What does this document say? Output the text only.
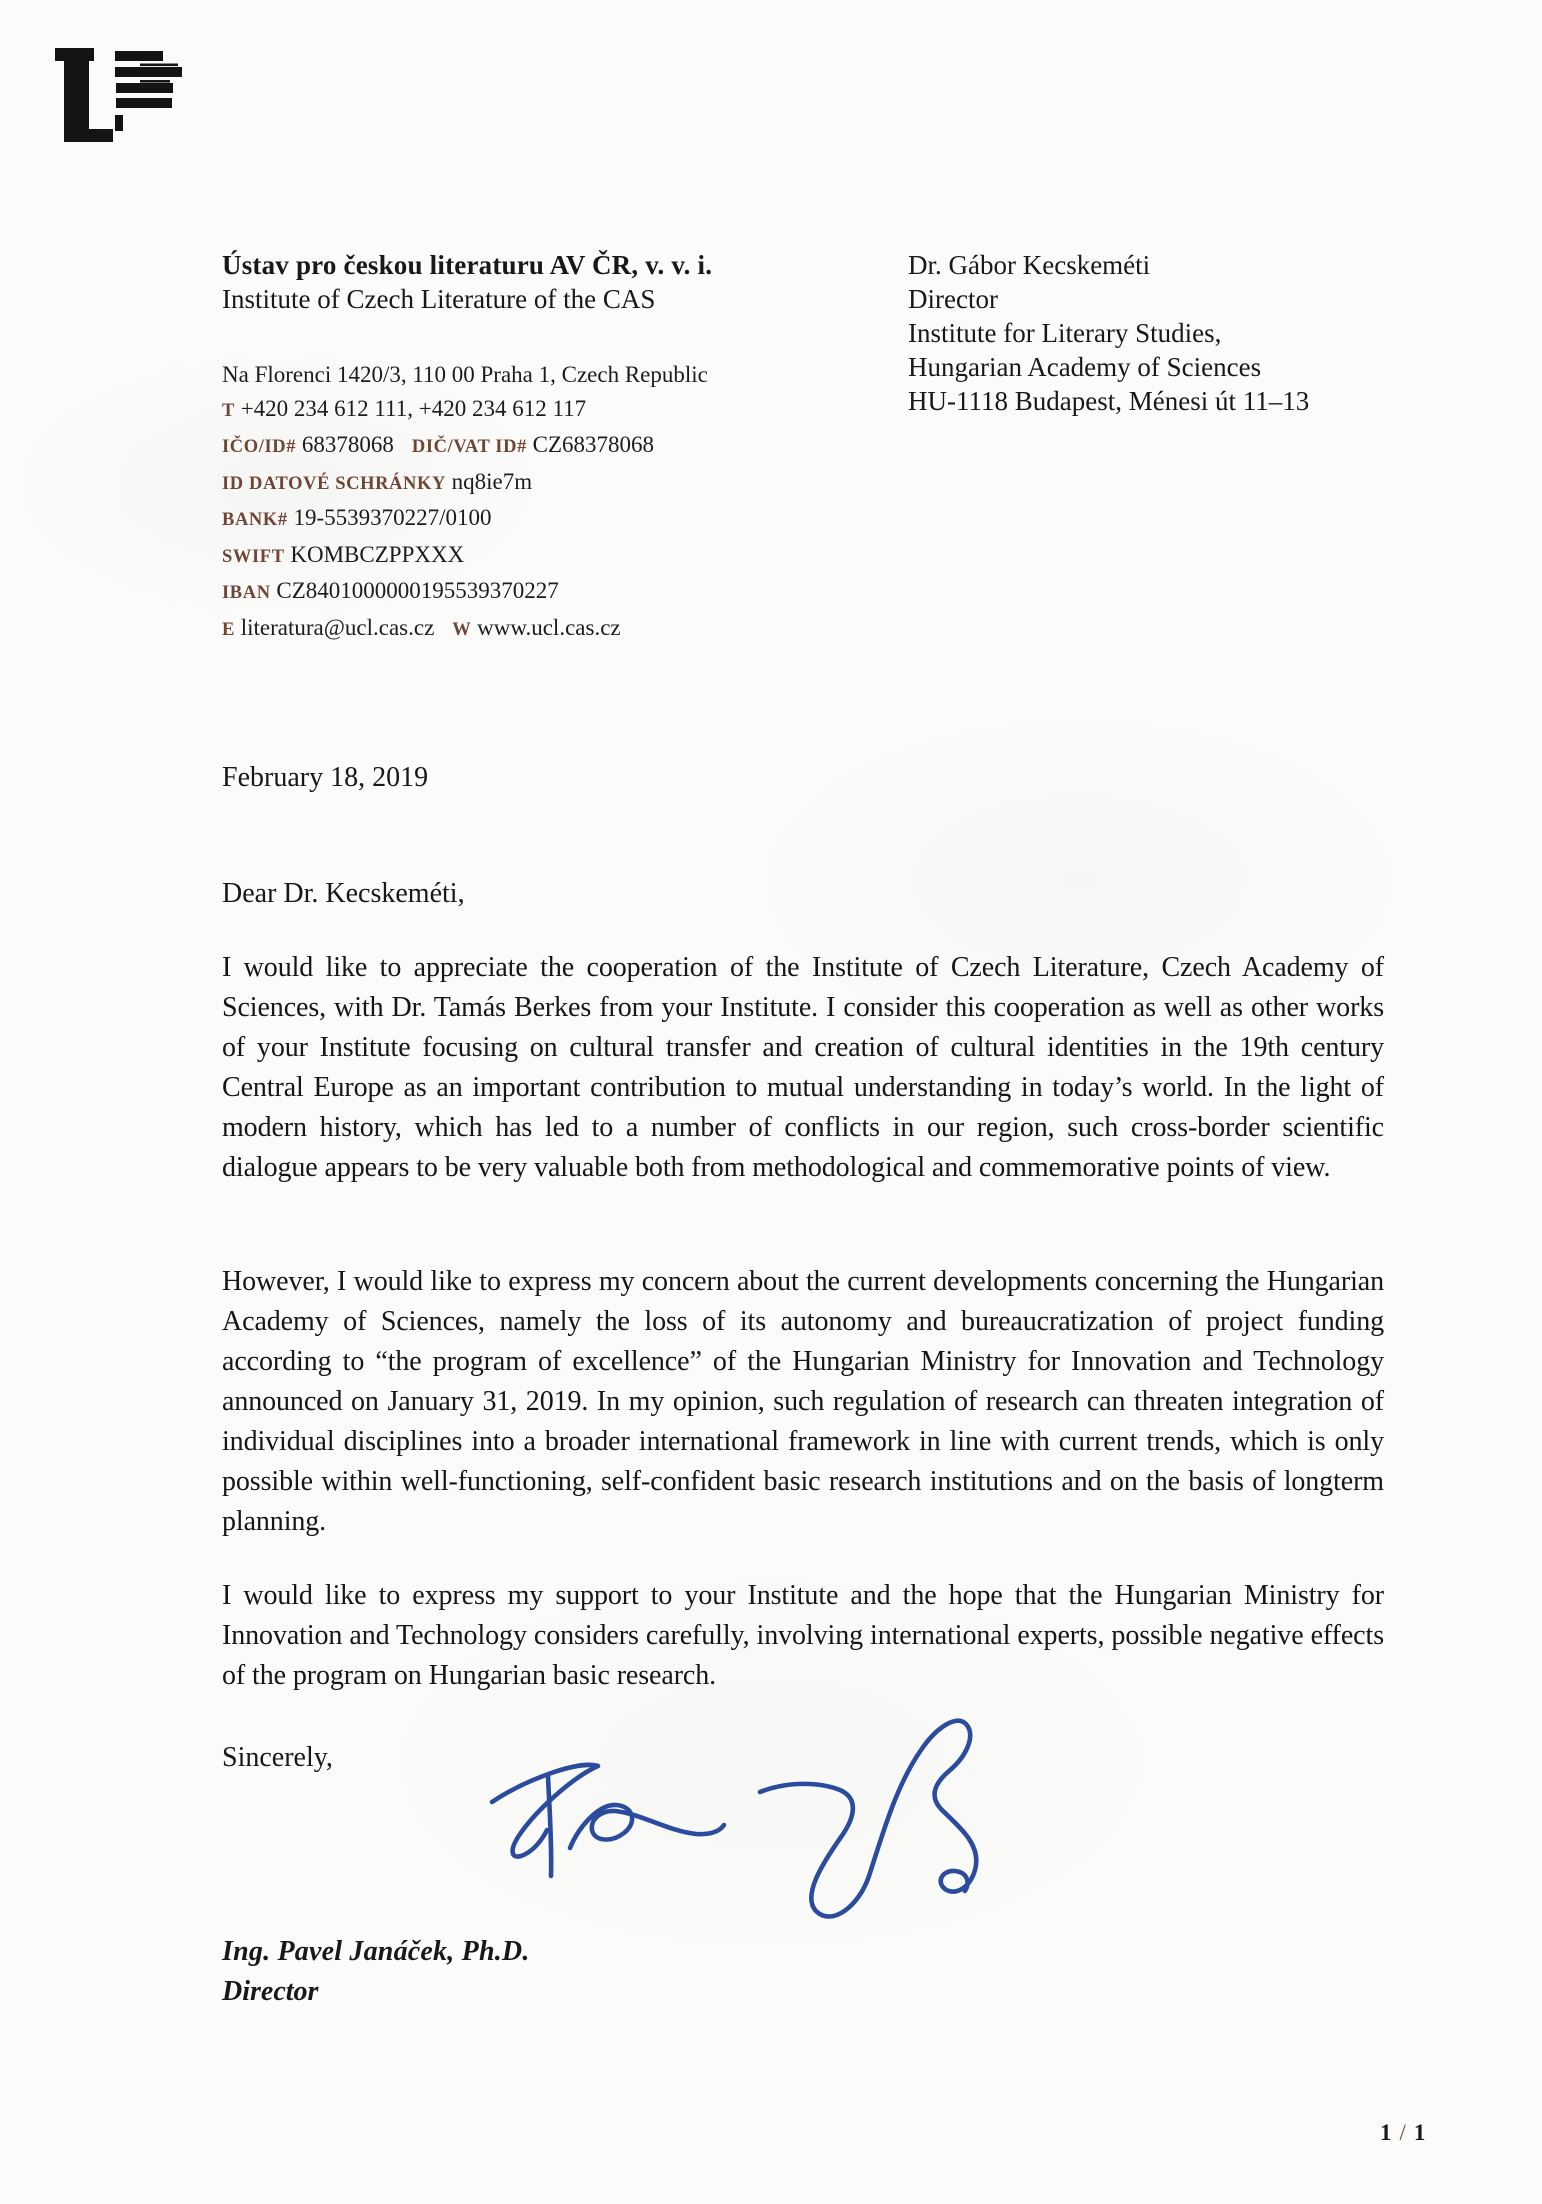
Ústav pro českou literaturu AV ČR, v. v. i.
Institute of Czech Literature of the CAS
Na Florenci 1420/3, 110 00 Praha 1, Czech Republic
T +420 234 612 111, +420 234 612 117
IČO/ID# 68378068 DIČ/VAT ID# CZ68378068
ID DATOVÉ SCHRÁNKY nq8ie7m
BANK# 19-5539370227/0100
SWIFT KOMBCZPPXXX
IBAN CZ8401000000195539370227
E literatura@ucl.cas.cz W www.ucl.cas.cz
Dr. Gábor Kecskeméti
Director
Institute for Literary Studies,
Hungarian Academy of Sciences
HU-1118 Budapest, Ménesi út 11–13
February 18, 2019
Dear Dr. Kecskeméti,
I would like to appreciate the cooperation of the Institute of Czech Literature, Czech Academy of Sciences, with Dr. Tamás Berkes from your Institute. I consider this cooperation as well as other works of your Institute focusing on cultural transfer and creation of cultural identities in the 19th century Central Europe as an important contribution to mutual understanding in today’s world. In the light of modern history, which has led to a number of conflicts in our region, such cross-border scientific dialogue appears to be very valuable both from methodological and commemorative points of view.
However, I would like to express my concern about the current developments concerning the Hungarian Academy of Sciences, namely the loss of its autonomy and bureaucratization of project funding according to “the program of excellence” of the Hungarian Ministry for Innovation and Technology announced on January 31, 2019. In my opinion, such regulation of research can threaten integration of individual disciplines into a broader international framework in line with current trends, which is only possible within well-functioning, self-confident basic research institutions and on the basis of longterm planning.
I would like to express my support to your Institute and the hope that the Hungarian Ministry for Innovation and Technology considers carefully, involving international experts, possible negative effects of the program on Hungarian basic research.
Sincerely,
Ing. Pavel Janáček, Ph.D.
Director
1 / 1
